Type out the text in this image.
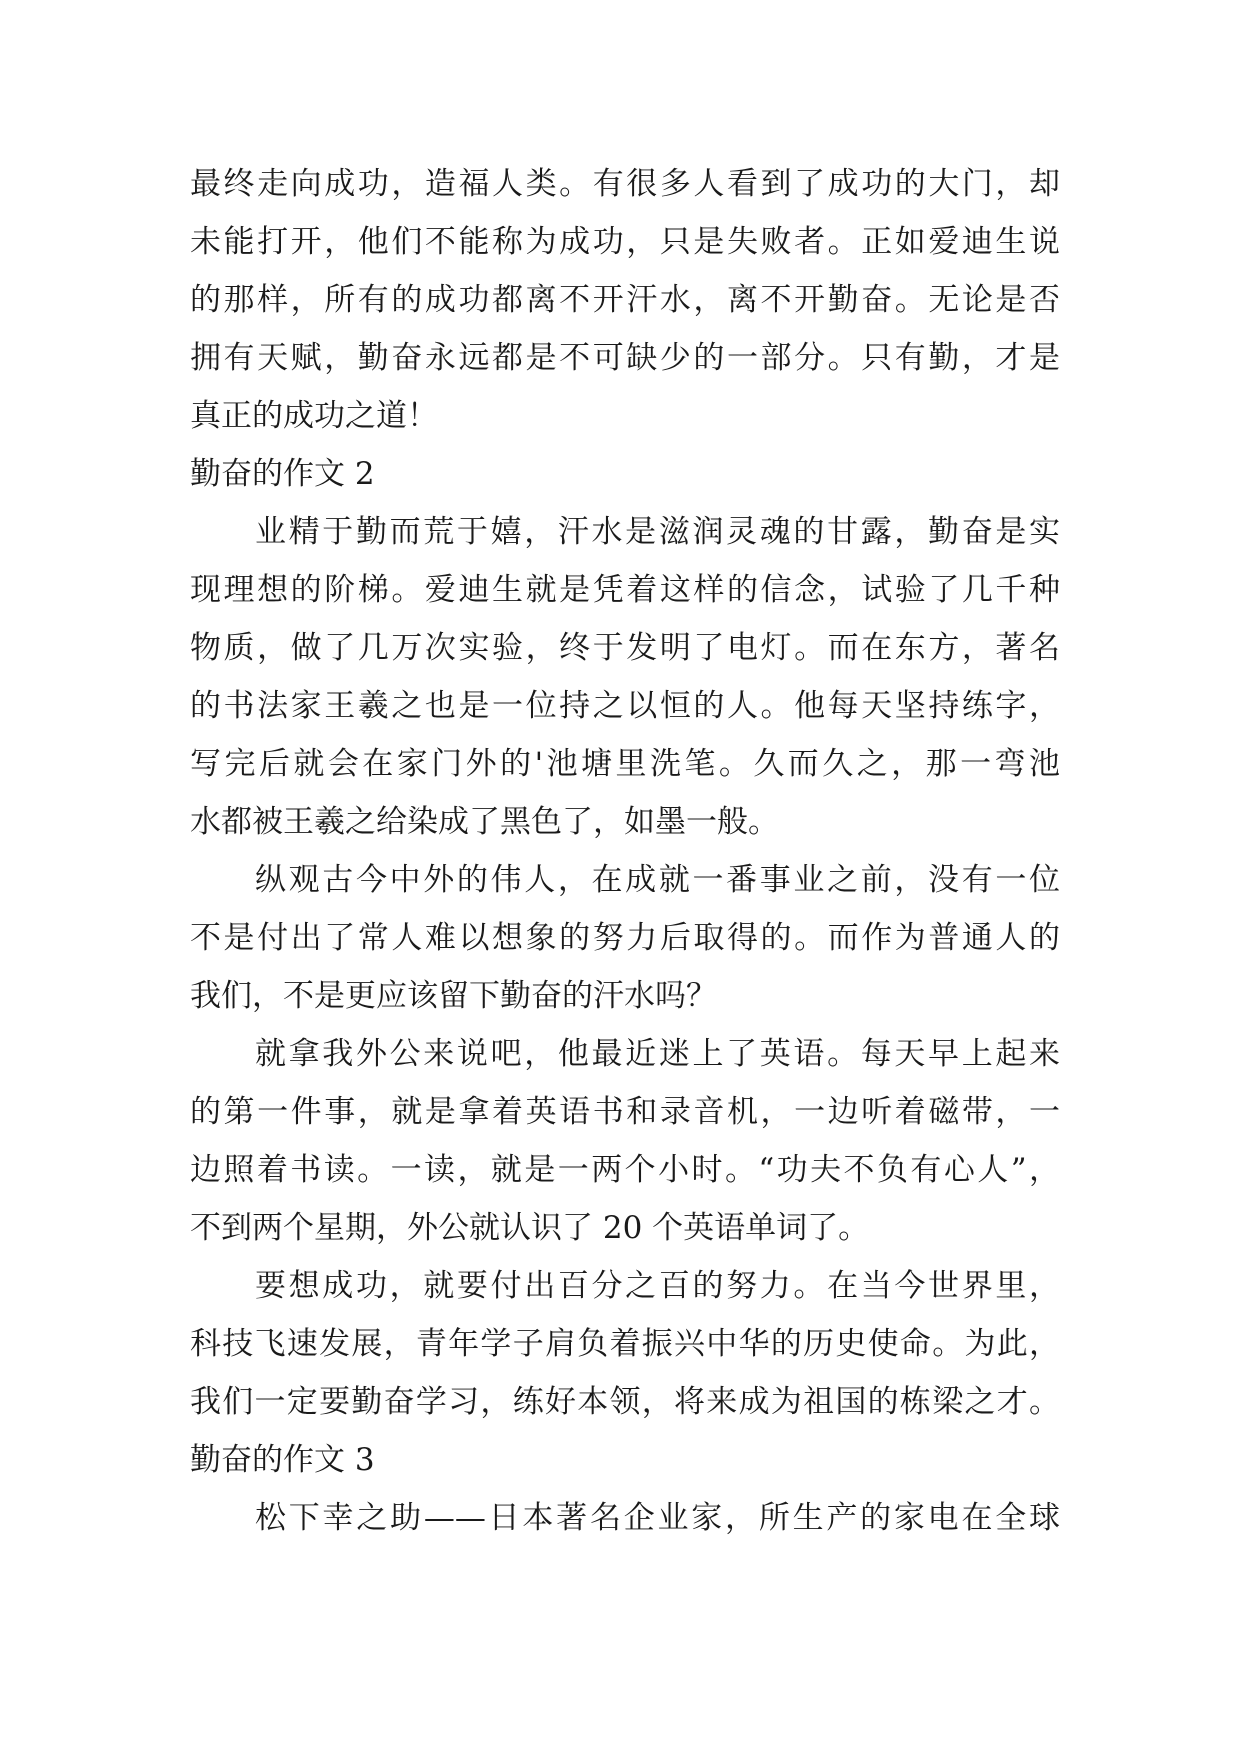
最终走向成功，造福人类。有很多人看到了成功的大门，却
未能打开，他们不能称为成功，只是失败者。正如爱迪生说
的那样，所有的成功都离不开汗水，离不开勤奋。无论是否
拥有天赋，勤奋永远都是不可缺少的一部分。只有勤，才是
真正的成功之道！
勤奋的作文 2
业精于勤而荒于嬉，汗水是滋润灵魂的甘露，勤奋是实
现理想的阶梯。爱迪生就是凭着这样的信念，试验了几千种
物质，做了几万次实验，终于发明了电灯。而在东方，著名
的书法家王羲之也是一位持之以恒的人。他每天坚持练字，
写完后就会在家门外的'池塘里洗笔。久而久之，那一弯池
水都被王羲之给染成了黑色了，如墨一般。
纵观古今中外的伟人，在成就一番事业之前，没有一位
不是付出了常人难以想象的努力后取得的。而作为普通人的
我们，不是更应该留下勤奋的汗水吗？
就拿我外公来说吧，他最近迷上了英语。每天早上起来
的第一件事，就是拿着英语书和录音机，一边听着磁带，一
边照着书读。一读，就是一两个小时。“功夫不负有心人”，
不到两个星期，外公就认识了 20 个英语单词了。
要想成功，就要付出百分之百的努力。在当今世界里，
科技飞速发展，青年学子肩负着振兴中华的历史使命。为此，
我们一定要勤奋学习，练好本领，将来成为祖国的栋梁之才。
勤奋的作文 3
松下幸之助——日本著名企业家，所生产的家电在全球
